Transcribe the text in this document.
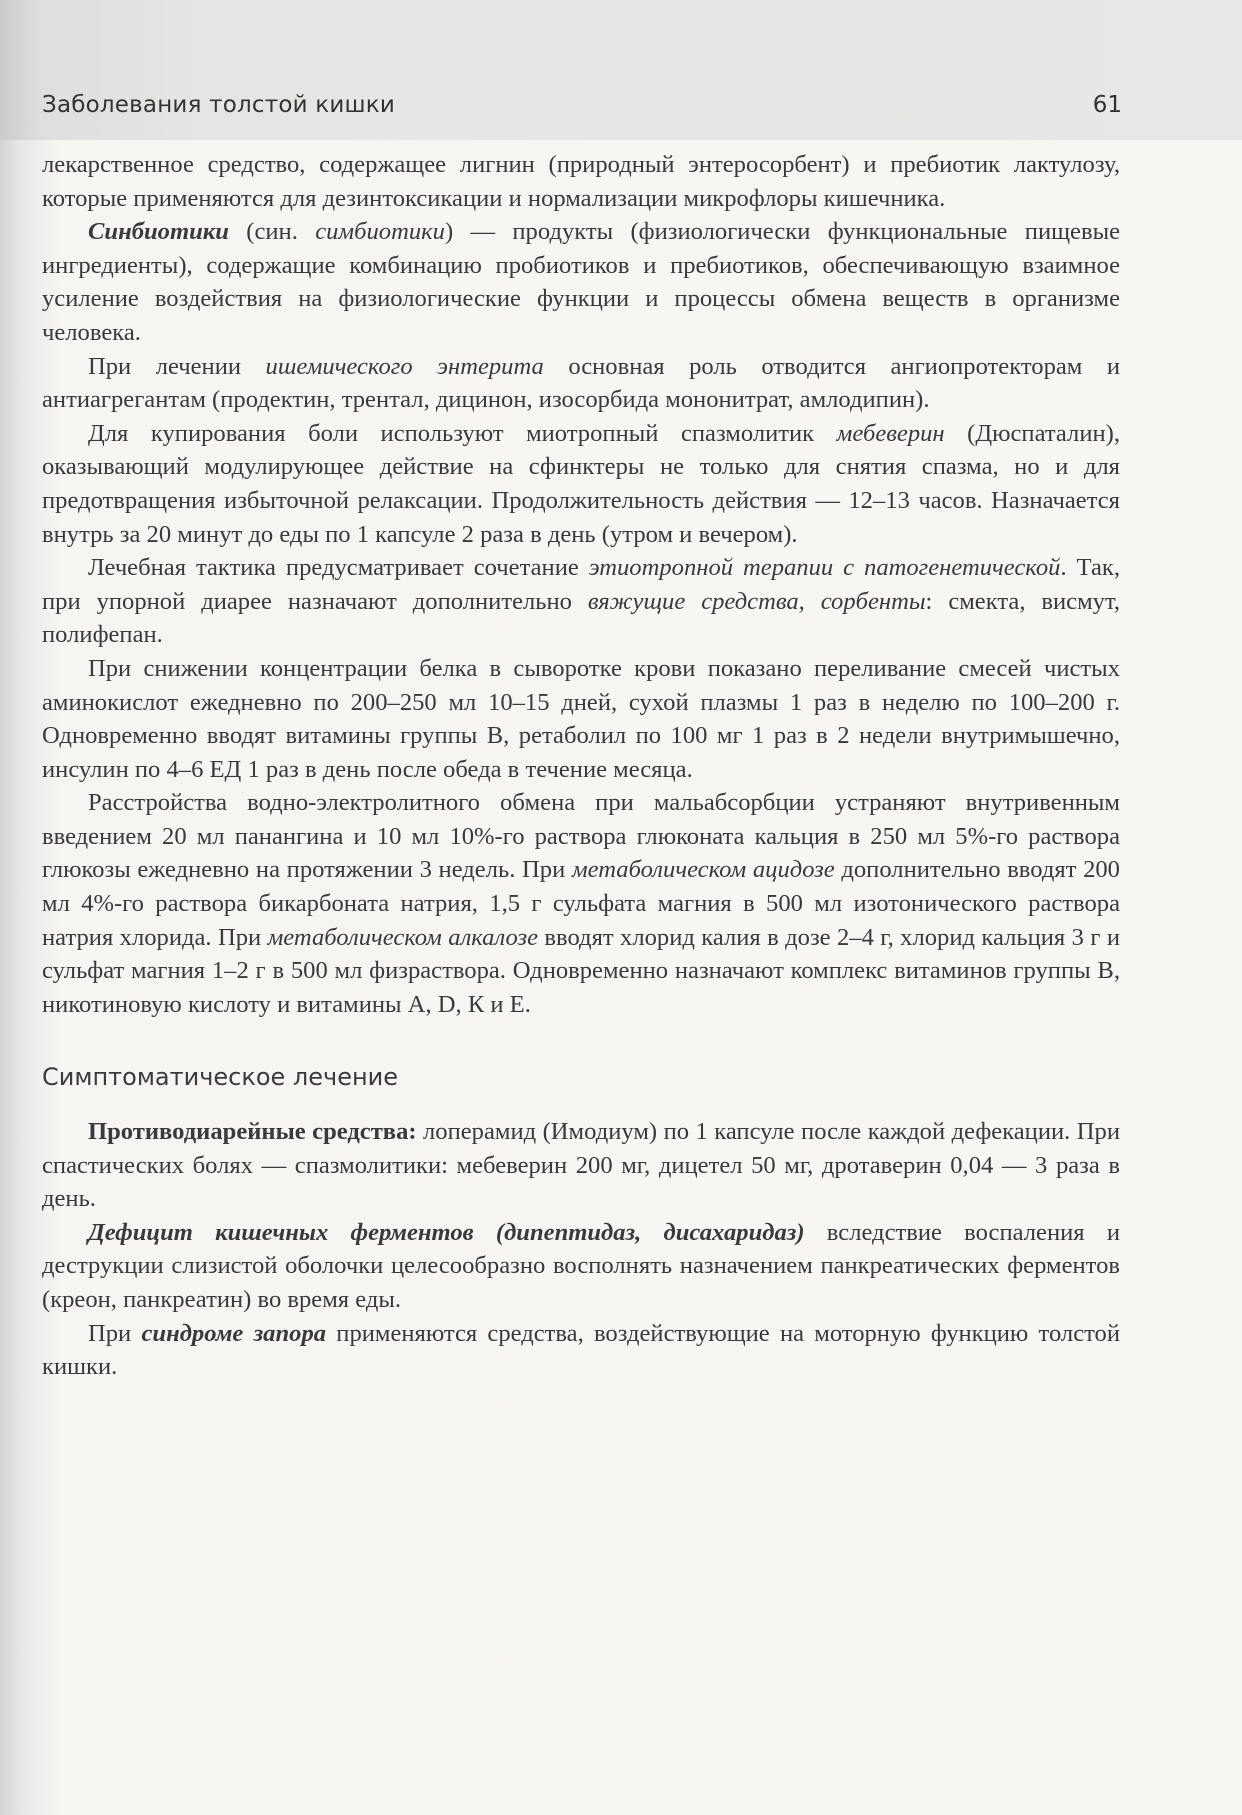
Заболевания толстой кишки	61

лекарственное средство, содержащее лигнин (природный энтеросорбент) и пребиотик лактулозу, которые применяются для дезинтоксикации и нормализации микрофлоры кишечника.

Синбиотики (син. симбиотики) — продукты (физиологически функциональные пищевые ингредиенты), содержащие комбинацию пробиотиков и пребиотиков, обеспечивающую взаимное усиление воздействия на физиологические функции и процессы обмена веществ в организме человека.

При лечении ишемического энтерита основная роль отводится ангиопротекторам и антиагрегантам (продектин, трентал, дицинон, изосорбида мононитрат, амлодипин).

Для купирования боли используют миотропный спазмолитик мебеверин (Дюспаталин), оказывающий модулирующее действие на сфинктеры не только для снятия спазма, но и для предотвращения избыточной релаксации. Продолжительность действия — 12–13 часов. Назначается внутрь за 20 минут до еды по 1 капсуле 2 раза в день (утром и вечером).

Лечебная тактика предусматривает сочетание этиотропной терапии с патогенетической. Так, при упорной диарее назначают дополнительно вяжущие средства, сорбенты: смекта, висмут, полифепан.

При снижении концентрации белка в сыворотке крови показано переливание смесей чистых аминокислот ежедневно по 200–250 мл 10–15 дней, сухой плазмы 1 раз в неделю по 100–200 г. Одновременно вводят витамины группы В, ретаболил по 100 мг 1 раз в 2 недели внутримышечно, инсулин по 4–6 ЕД 1 раз в день после обеда в течение месяца.

Расстройства водно-электролитного обмена при мальабсорбции устраняют внутривенным введением 20 мл панангина и 10 мл 10%-го раствора глюконата кальция в 250 мл 5%-го раствора глюкозы ежедневно на протяжении 3 недель. При метаболическом ацидозе дополнительно вводят 200 мл 4%-го раствора бикарбоната натрия, 1,5 г сульфата магния в 500 мл изотонического раствора натрия хлорида. При метаболическом алкалозе вводят хлорид калия в дозе 2–4 г, хлорид кальция 3 г и сульфат магния 1–2 г в 500 мл физраствора. Одновременно назначают комплекс витаминов группы В, никотиновую кислоту и витамины А, D, К и Е.

Симптоматическое лечение

Противодиарейные средства: лоперамид (Имодиум) по 1 капсуле после каждой дефекации. При спастических болях — спазмолитики: мебеверин 200 мг, дицетел 50 мг, дротаверин 0,04 — 3 раза в день.

Дефицит кишечных ферментов (дипептидаз, дисахаридаз) вследствие воспаления и деструкции слизистой оболочки целесообразно восполнять назначением панкреатических ферментов (креон, панкреатин) во время еды.

При синдроме запора применяются средства, воздействующие на моторную функцию толстой кишки.
